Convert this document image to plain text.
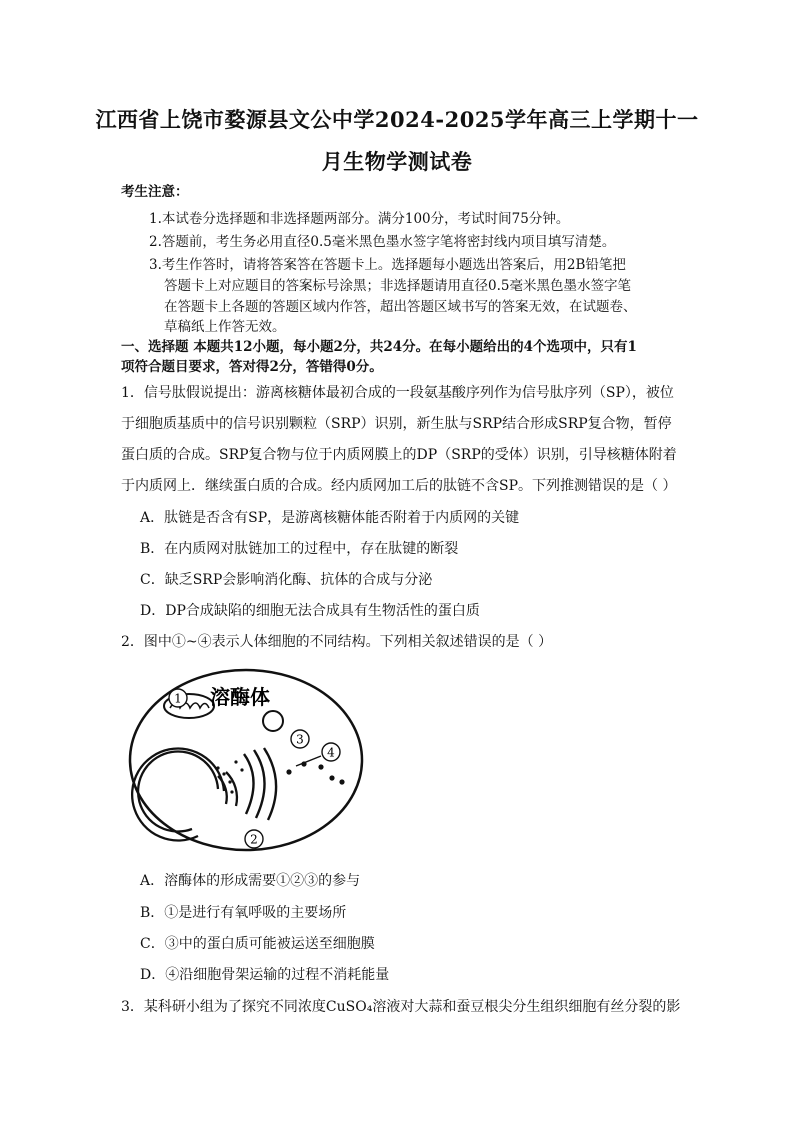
江西省上饶市婺源县文公中学2024-2025学年高三上学期十一
月生物学测试卷
考生注意：
1.本试卷分选择题和非选择题两部分。满分100分，考试时间75分钟。
2.答题前，考生务必用直径0.5毫米黑色墨水签字笔将密封线内项目填写清楚。
3.考生作答时，请将答案答在答题卡上。选择题每小题选出答案后，用2B铅笔把
答题卡上对应题目的答案标号涂黑；非选择题请用直径0.5毫米黑色墨水签字笔
在答题卡上各题的答题区域内作答，超出答题区域书写的答案无效，在试题卷、
草稿纸上作答无效。
一、选择题 本题共12小题，每小题2分，共24分。在每小题给出的4个选项中，只有1
项符合题目要求，答对得2分，答错得0分。
1．信号肽假说提出：游离核糖体最初合成的一段氨基酸序列作为信号肽序列（SP），被位
于细胞质基质中的信号识别颗粒（SRP）识别，新生肽与SRP结合形成SRP复合物，暂停
蛋白质的合成。SRP复合物与位于内质网膜上的DP（SRP的受体）识别，引导核糖体附着
于内质网上．继续蛋白质的合成。经内质网加工后的肽链不含SP。下列推测错误的是（ ）
A．肽链是否含有SP，是游离核糖体能否附着于内质网的关键
B．在内质网对肽链加工的过程中，存在肽键的断裂
C．缺乏SRP会影响消化酶、抗体的合成与分泌
D．DP合成缺陷的细胞无法合成具有生物活性的蛋白质
2．图中①~④表示人体细胞的不同结构。下列相关叙述错误的是（ ）
1 溶酶体
3
4
2
A．溶酶体的形成需要①②③的参与
B．①是进行有氧呼吸的主要场所
C．③中的蛋白质可能被运送至细胞膜
D．④沿细胞骨架运输的过程不消耗能量
3．某科研小组为了探究不同浓度CuSO₄溶液对大蒜和蚕豆根尖分生组织细胞有丝分裂的影
